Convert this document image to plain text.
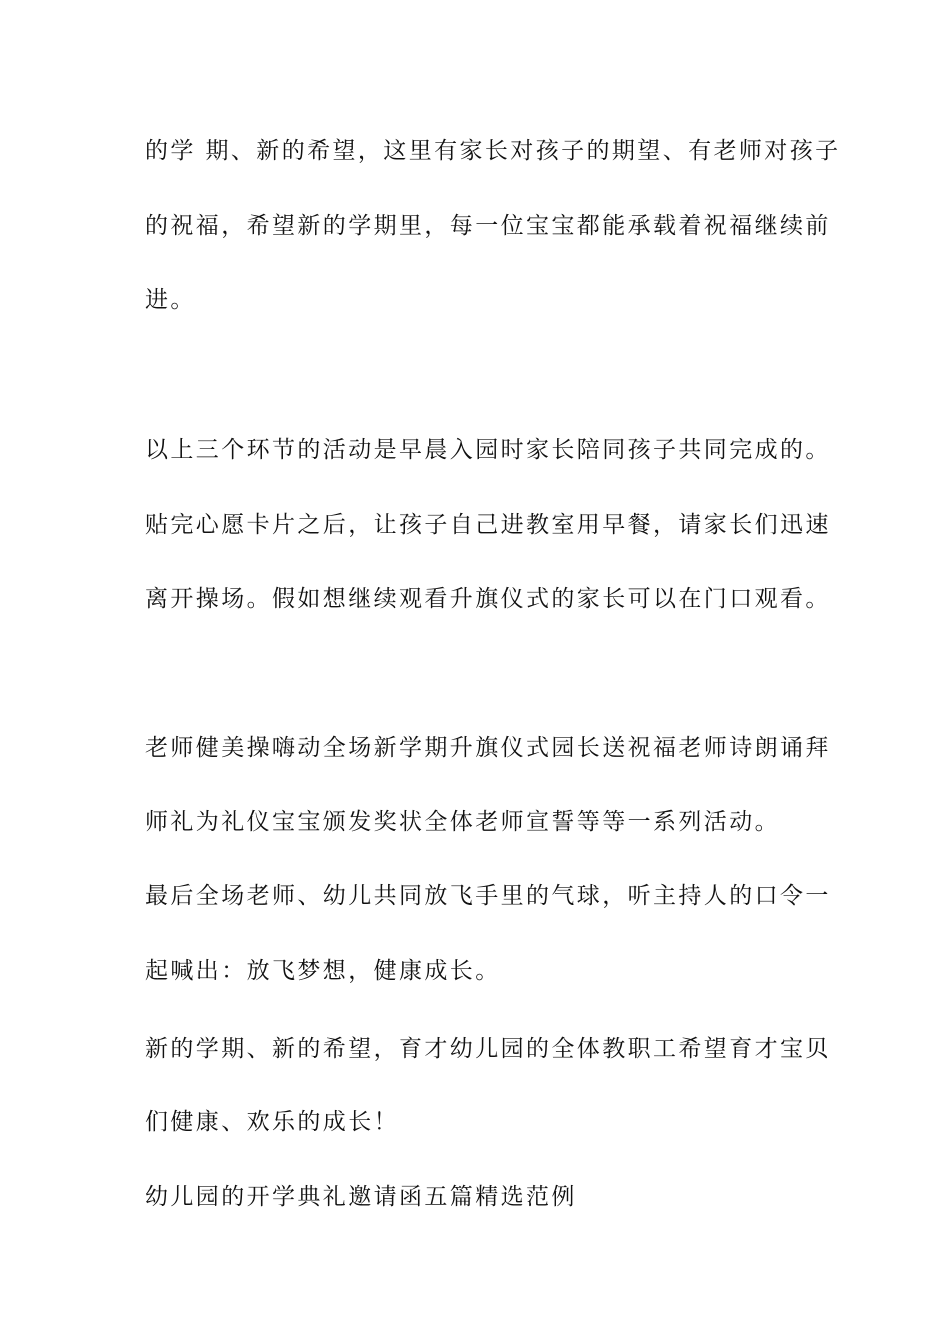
的学 期、新的希望，这里有家长对孩子的期望、有老师对孩子
的祝福，希望新的学期里，每一位宝宝都能承载着祝福继续前
进。
以上三个环节的活动是早晨入园时家长陪同孩子共同完成的。
贴完心愿卡片之后，让孩子自己进教室用早餐，请家长们迅速
离开操场。假如想继续观看升旗仪式的家长可以在门口观看。
老师健美操嗨动全场新学期升旗仪式园长送祝福老师诗朗诵拜
师礼为礼仪宝宝颁发奖状全体老师宣誓等等一系列活动。
最后全场老师、幼儿共同放飞手里的气球，听主持人的口令一
起喊出：放飞梦想，健康成长。
新的学期、新的希望，育才幼儿园的全体教职工希望育才宝贝
们健康、欢乐的成长！
幼儿园的开学典礼邀请函五篇精选范例
